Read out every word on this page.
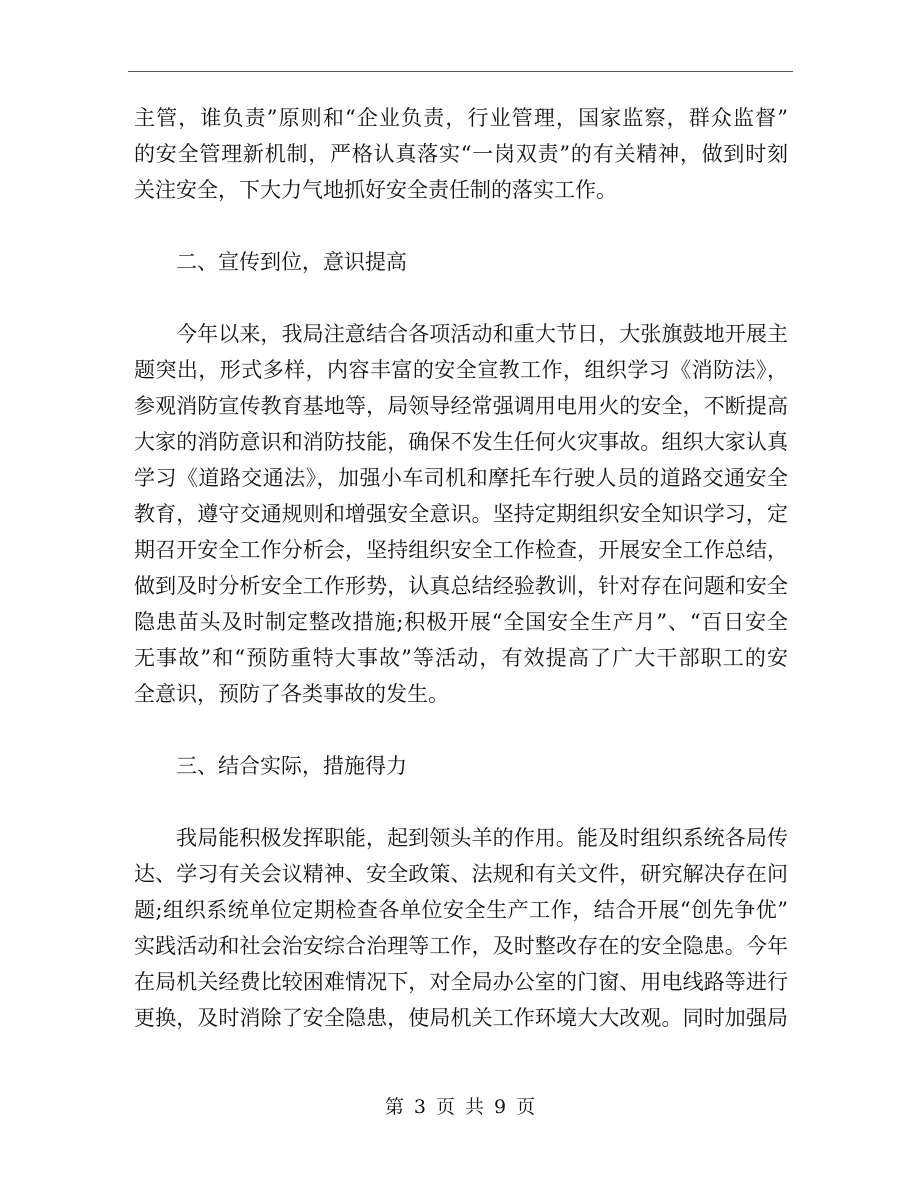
主管，谁负责”原则和“企业负责，行业管理，国家监察，群众监督”
的安全管理新机制，严格认真落实“一岗双责”的有关精神，做到时刻
关注安全，下大力气地抓好安全责任制的落实工作。
二、宣传到位，意识提高
今年以来，我局注意结合各项活动和重大节日，大张旗鼓地开展主
题突出，形式多样，内容丰富的安全宣教工作，组织学习《消防法》，
参观消防宣传教育基地等，局领导经常强调用电用火的安全，不断提高
大家的消防意识和消防技能，确保不发生任何火灾事故。组织大家认真
学习《道路交通法》，加强小车司机和摩托车行驶人员的道路交通安全
教育，遵守交通规则和增强安全意识。坚持定期组织安全知识学习，定
期召开安全工作分析会，坚持组织安全工作检查，开展安全工作总结，
做到及时分析安全工作形势，认真总结经验教训，针对存在问题和安全
隐患苗头及时制定整改措施;积极开展“全国安全生产月”、“百日安全
无事故”和“预防重特大事故”等活动，有效提高了广大干部职工的安
全意识，预防了各类事故的发生。
三、结合实际，措施得力
我局能积极发挥职能，起到领头羊的作用。能及时组织系统各局传
达、学习有关会议精神、安全政策、法规和有关文件，研究解决存在问
题;组织系统单位定期检查各单位安全生产工作，结合开展“创先争优”
实践活动和社会治安综合治理等工作，及时整改存在的安全隐患。今年
在局机关经费比较困难情况下，对全局办公室的门窗、用电线路等进行
更换，及时消除了安全隐患，使局机关工作环境大大改观。同时加强局
第 3 页 共 9 页
